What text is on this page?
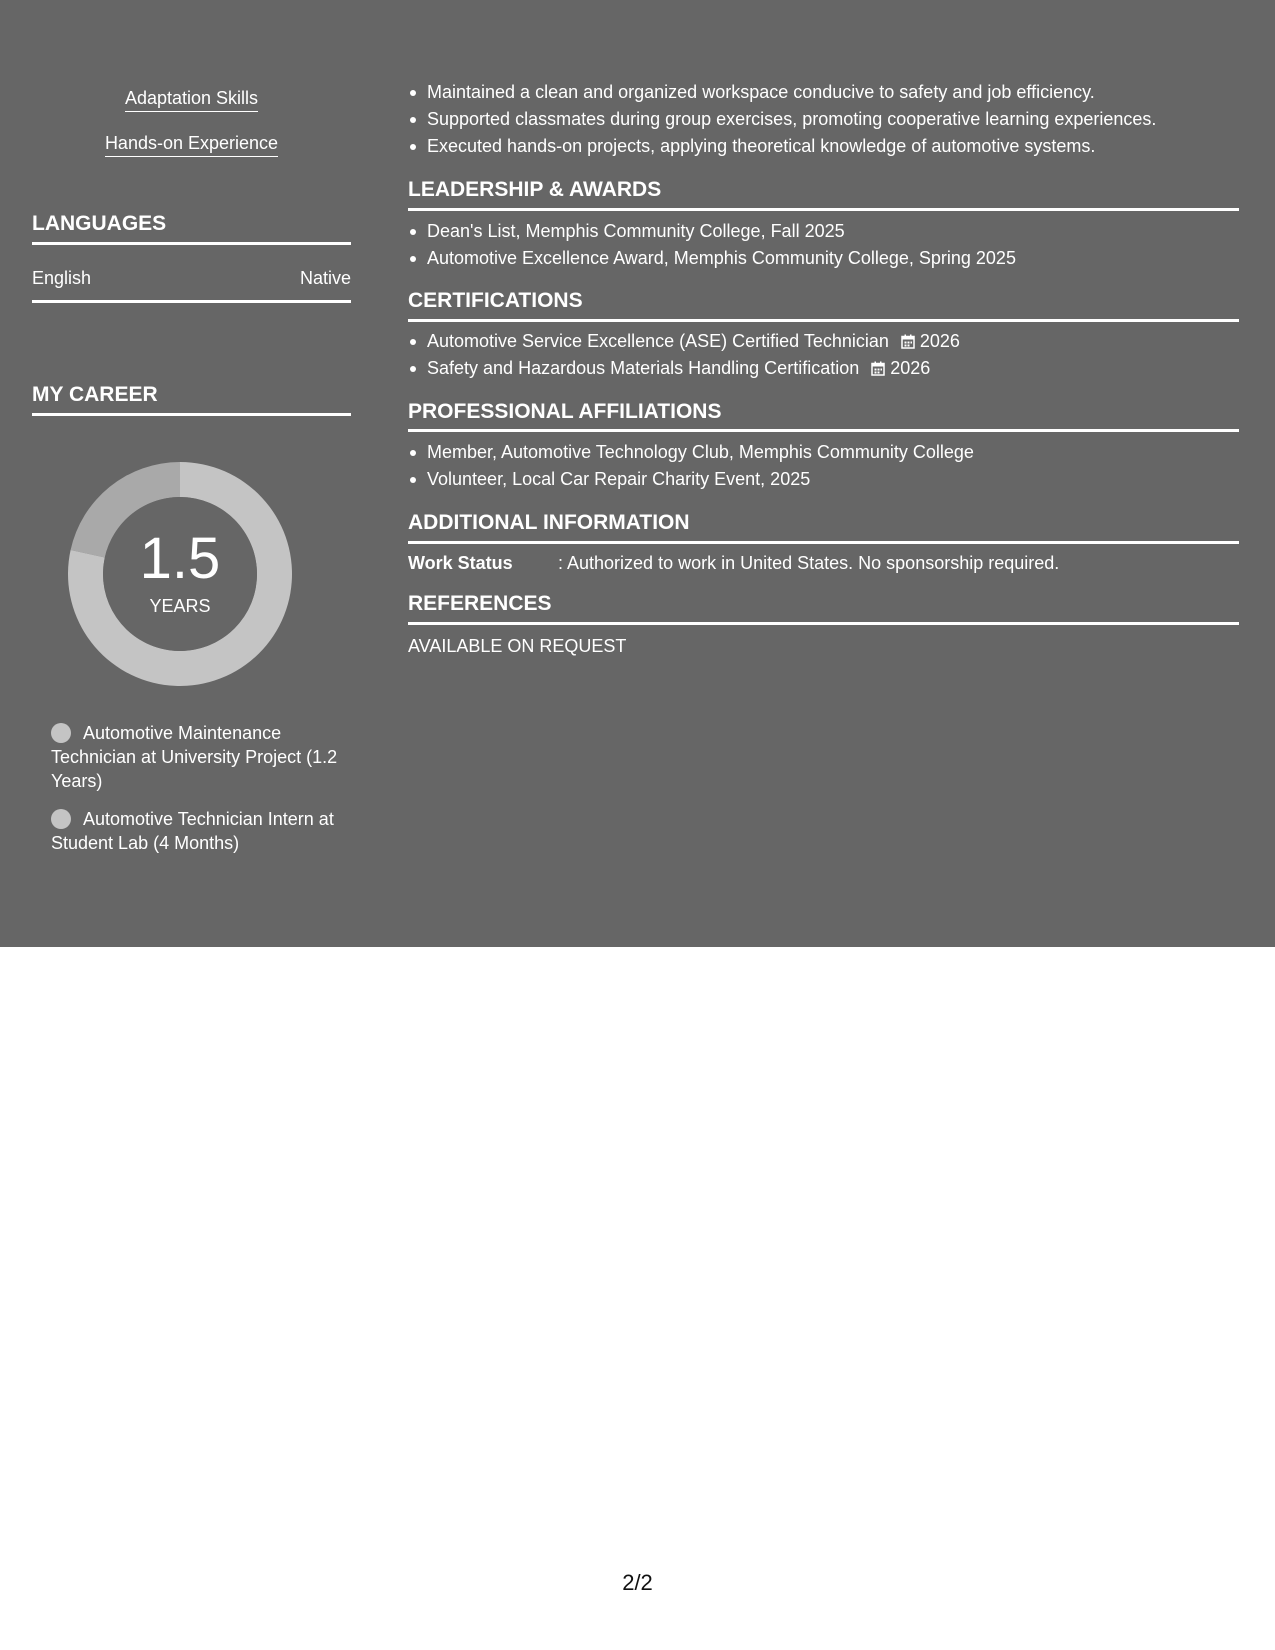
Adaptation Skills
Hands-on Experience
LANGUAGES
English	Native
MY CAREER
1.5
YEARS
Automotive Maintenance Technician at University Project (1.2 Years)
Automotive Technician Intern at Student Lab (4 Months)
Maintained a clean and organized workspace conducive to safety and job efficiency.
Supported classmates during group exercises, promoting cooperative learning experiences.
Executed hands-on projects, applying theoretical knowledge of automotive systems.
LEADERSHIP & AWARDS
Dean's List, Memphis Community College, Fall 2025
Automotive Excellence Award, Memphis Community College, Spring 2025
CERTIFICATIONS
Automotive Service Excellence (ASE) Certified Technician 2026
Safety and Hazardous Materials Handling Certification 2026
PROFESSIONAL AFFILIATIONS
Member, Automotive Technology Club, Memphis Community College
Volunteer, Local Car Repair Charity Event, 2025
ADDITIONAL INFORMATION
Work Status	: Authorized to work in United States. No sponsorship required.
REFERENCES
AVAILABLE ON REQUEST
2/2
